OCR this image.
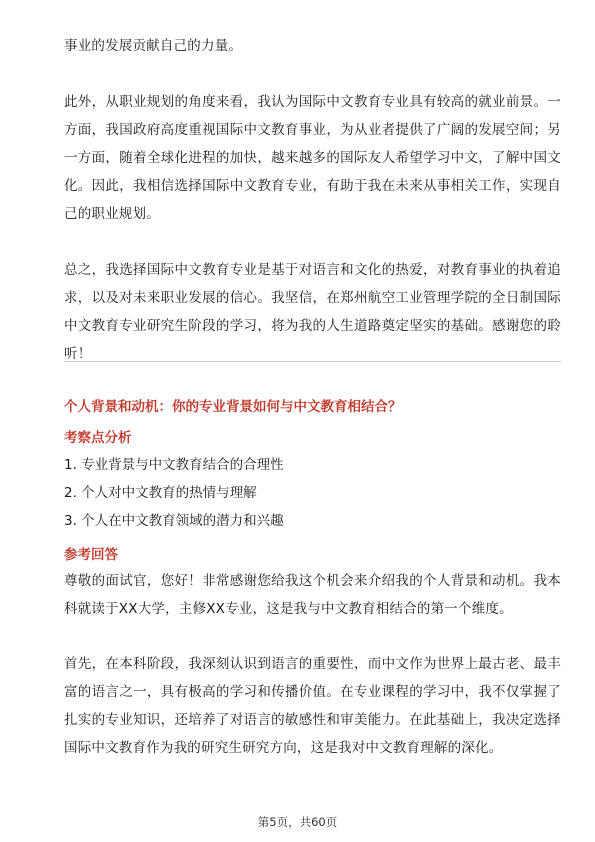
事业的发展贡献自己的力量。

此外，从职业规划的角度来看，我认为国际中文教育专业具有较高的就业前景。一方面，我国政府高度重视国际中文教育事业，为从业者提供了广阔的发展空间；另一方面，随着全球化进程的加快，越来越多的国际友人希望学习中文，了解中国文化。因此，我相信选择国际中文教育专业，有助于我在未来从事相关工作，实现自己的职业规划。

总之，我选择国际中文教育专业是基于对语言和文化的热爱，对教育事业的执着追求，以及对未来职业发展的信心。我坚信，在郑州航空工业管理学院的全日制国际中文教育专业研究生阶段的学习，将为我的人生道路奠定坚实的基础。感谢您的聆听！

个人背景和动机：你的专业背景如何与中文教育相结合？
考察点分析
1. 专业背景与中文教育结合的合理性
2. 个人对中文教育的热情与理解
3. 个人在中文教育领域的潜力和兴趣
参考回答

尊敬的面试官，您好！非常感谢您给我这个机会来介绍我的个人背景和动机。我本科就读于XX大学，主修XX专业，这是我与中文教育相结合的第一个维度。

首先，在本科阶段，我深刻认识到语言的重要性，而中文作为世界上最古老、最丰富的语言之一，具有极高的学习和传播价值。在专业课程的学习中，我不仅掌握了扎实的专业知识，还培养了对语言的敏感性和审美能力。在此基础上，我决定选择国际中文教育作为我的研究生研究方向，这是我对中文教育理解的深化。

第5页，共60页
